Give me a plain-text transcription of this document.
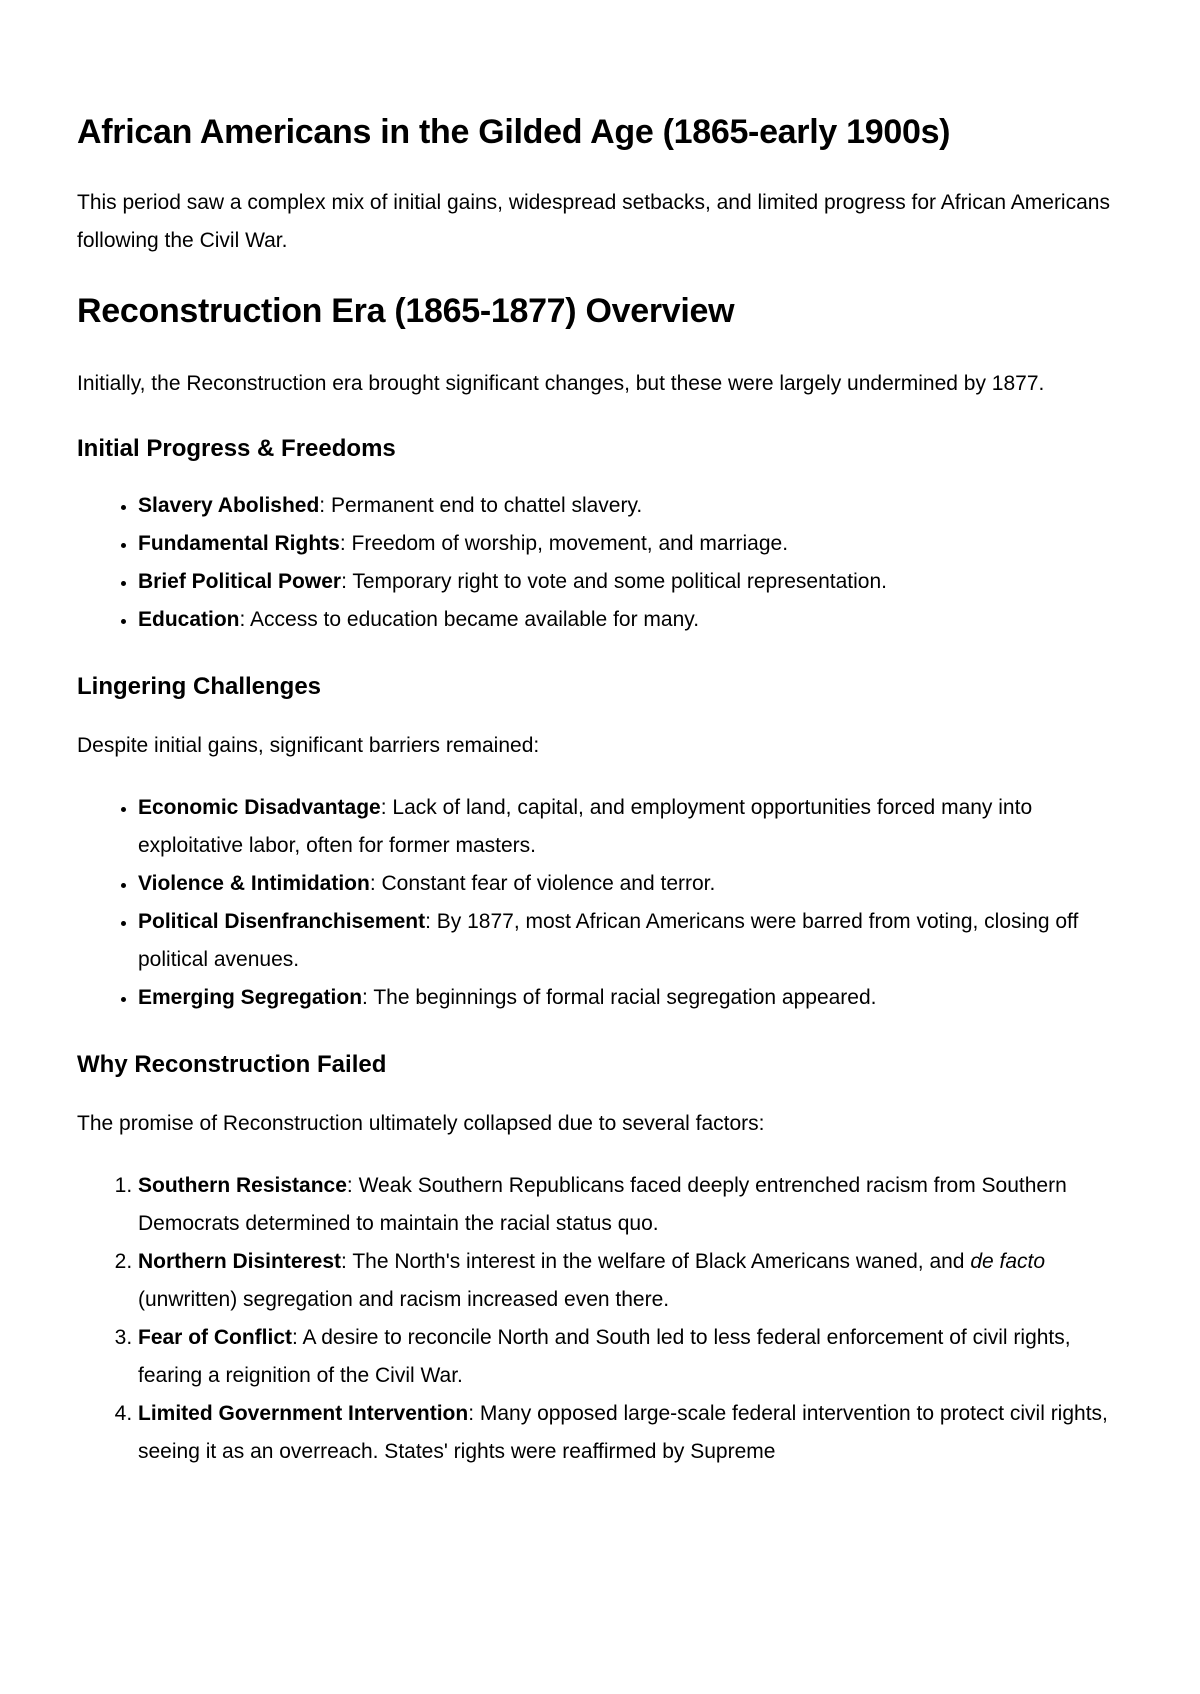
African Americans in the Gilded Age (1865-early 1900s)

This period saw a complex mix of initial gains, widespread setbacks, and limited progress for African Americans following the Civil War.

Reconstruction Era (1865-1877) Overview

Initially, the Reconstruction era brought significant changes, but these were largely undermined by 1877.

Initial Progress & Freedoms
• Slavery Abolished: Permanent end to chattel slavery.
• Fundamental Rights: Freedom of worship, movement, and marriage.
• Brief Political Power: Temporary right to vote and some political representation.
• Education: Access to education became available for many.
Lingering Challenges

Despite initial gains, significant barriers remained:

• Economic Disadvantage: Lack of land, capital, and employment opportunities forced many into exploitative labor, often for former masters.
• Violence & Intimidation: Constant fear of violence and terror.
• Political Disenfranchisement: By 1877, most African Americans were barred from voting, closing off political avenues.
• Emerging Segregation: The beginnings of formal racial segregation appeared.
Why Reconstruction Failed

The promise of Reconstruction ultimately collapsed due to several factors:

1. Southern Resistance: Weak Southern Republicans faced deeply entrenched racism from Southern Democrats determined to maintain the racial status quo.
2. Northern Disinterest: The North's interest in the welfare of Black Americans waned, and de facto (unwritten) segregation and racism increased even there.
3. Fear of Conflict: A desire to reconcile North and South led to less federal enforcement of civil rights, fearing a reignition of the Civil War.
4. Limited Government Intervention: Many opposed large-scale federal intervention to protect civil rights, seeing it as an overreach. States' rights were reaffirmed by Supreme
